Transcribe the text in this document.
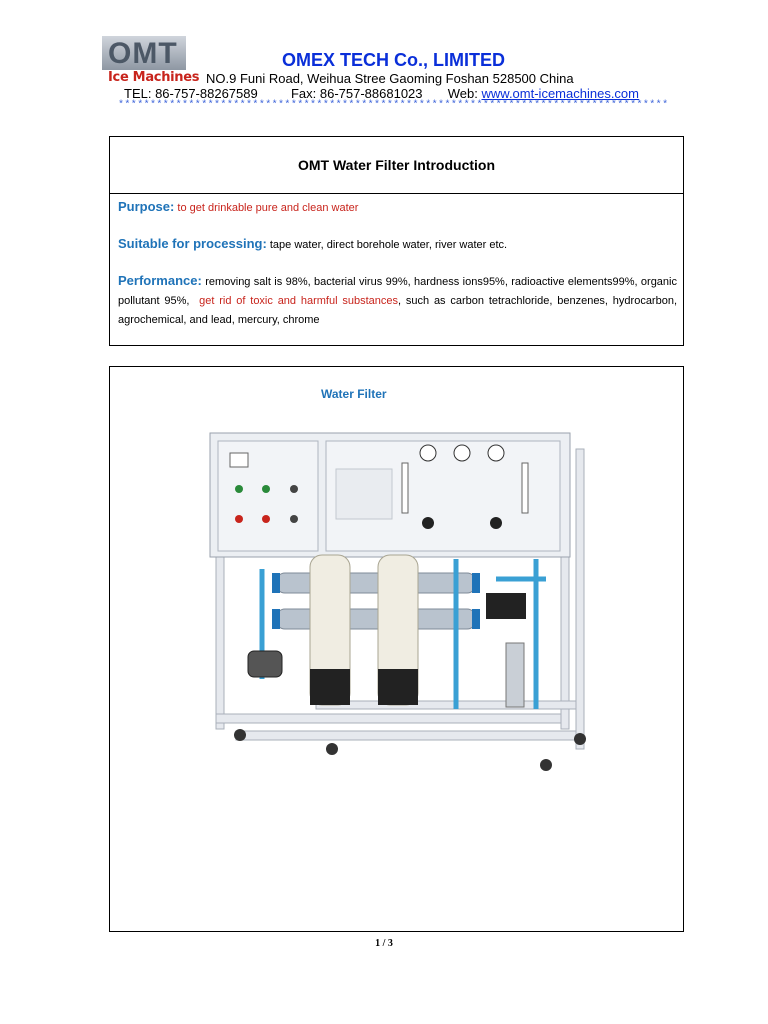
OMT
Ice Machines
OMEX TECH Co., LIMITED
NO.9 Funi Road, Weihua Stree Gaoming Foshan 528500 China
TEL: 86-757-88267589	Fax: 86-757-88681023 Web: www.omt-icemachines.com
**************************************************************************************
OMT Water Filter Introduction
Purpose: to get drinkable pure and clean water
Suitable for processing: tape water, direct borehole water, river water etc.
Performance: removing salt is 98%, bacterial virus 99%, hardness ions95%, radioactive elements99%, organic pollutant 95%, get rid of toxic and harmful substances, such as carbon tetrachloride, benzenes, hydrocarbon, agrochemical, and lead, mercury, chrome
Water Filter
1 / 3
